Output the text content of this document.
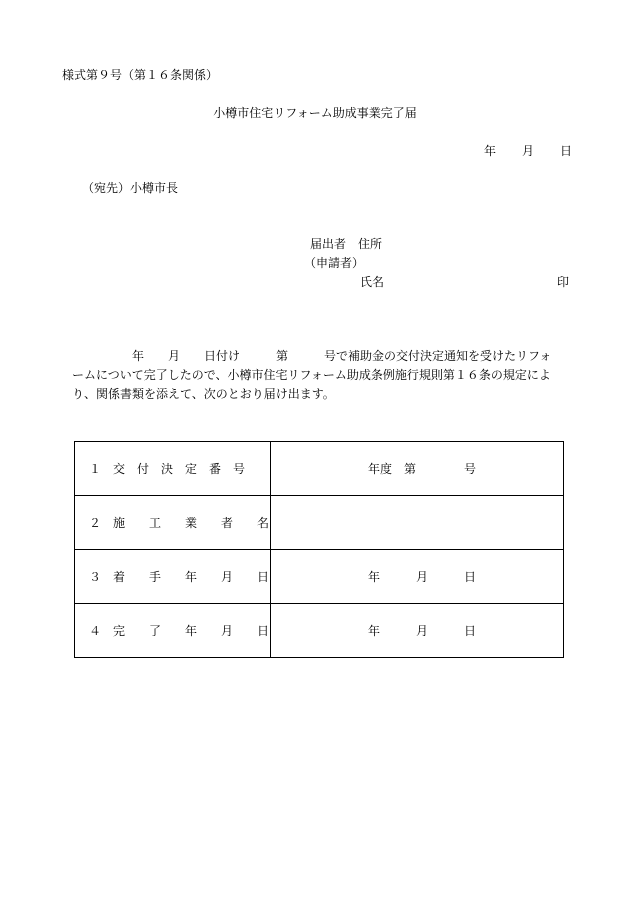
様式第９号（第１６条関係）
小樽市住宅リフォーム助成事業完了届
年 月 日
（宛先）小樽市長
届出者　住所
（申請者）
氏名	印
　　　　　年　　月　　日付け　　　第　　　号で補助金の交付決定通知を受けたリフォ
ームについて完了したので、小樽市住宅リフォーム助成条例施行規則第１６条の規定によ
り、関係書類を添えて、次のとおり届け出ます。
１　交　付　決　定　番　号	年度　第　　　　号
２　施　　工　　業　　者　　名	
３　着　　手　　年　　月　　日	年　　　月　　　日
４　完　　了　　年　　月　　日	年　　　月　　　日
